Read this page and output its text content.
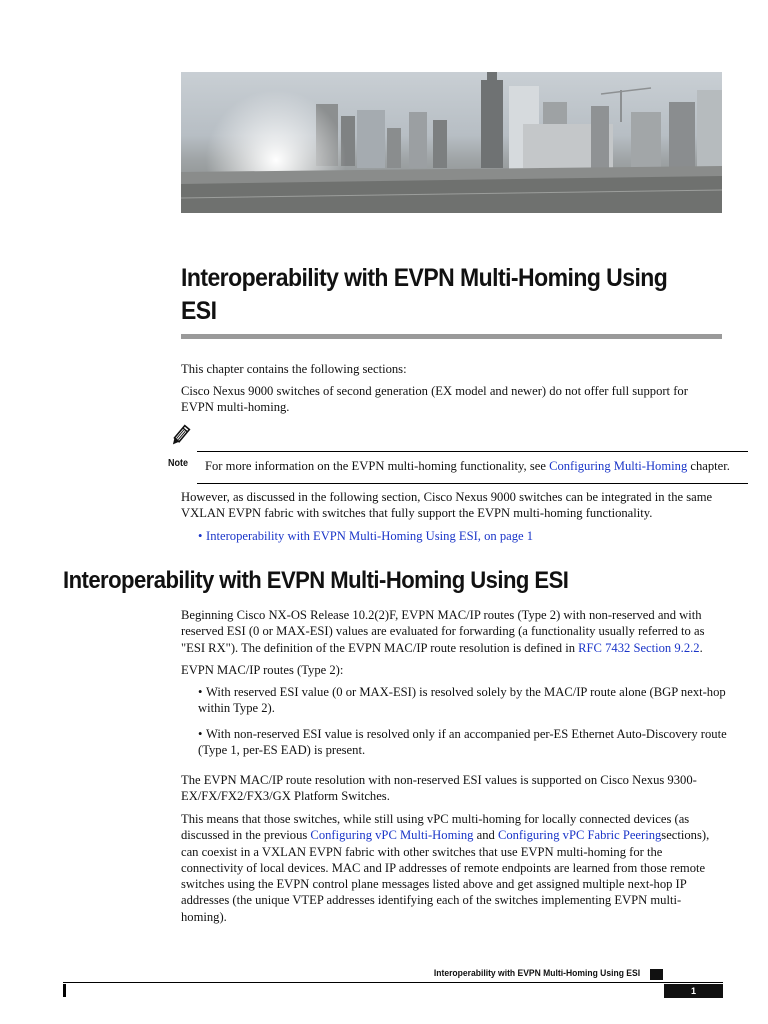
Interoperability with EVPN Multi-Homing Using ESI

This chapter contains the following sections:

Cisco Nexus 9000 switches of second generation (EX model and newer) do not offer full support for EVPN multi-homing.

Note For more information on the EVPN multi-homing functionality, see Configuring Multi-Homing chapter.

However, as discussed in the following section, Cisco Nexus 9000 switches can be integrated in the same VXLAN EVPN fabric with switches that fully support the EVPN multi-homing functionality.

• Interoperability with EVPN Multi-Homing Using ESI, on page 1

Interoperability with EVPN Multi-Homing Using ESI

Beginning Cisco NX-OS Release 10.2(2)F, EVPN MAC/IP routes (Type 2) with non-reserved and with reserved ESI (0 or MAX-ESI) values are evaluated for forwarding (a functionality usually referred to as "ESI RX"). The definition of the EVPN MAC/IP route resolution is defined in RFC 7432 Section 9.2.2.

EVPN MAC/IP routes (Type 2):

• With reserved ESI value (0 or MAX-ESI) is resolved solely by the MAC/IP route alone (BGP next-hop within Type 2).

• With non-reserved ESI value is resolved only if an accompanied per-ES Ethernet Auto-Discovery route (Type 1, per-ES EAD) is present.

The EVPN MAC/IP route resolution with non-reserved ESI values is supported on Cisco Nexus 9300-EX/FX/FX2/FX3/GX Platform Switches.

This means that those switches, while still using vPC multi-homing for locally connected devices (as discussed in the previous Configuring vPC Multi-Homing and Configuring vPC Fabric Peeringsections), can coexist in a VXLAN EVPN fabric with other switches that use EVPN multi-homing for the connectivity of local devices. MAC and IP addresses of remote endpoints are learned from those remote switches using the EVPN control plane messages listed above and get assigned multiple next-hop IP addresses (the unique VTEP addresses identifying each of the switches implementing EVPN multi-homing).

Interoperability with EVPN Multi-Homing Using ESI
1
